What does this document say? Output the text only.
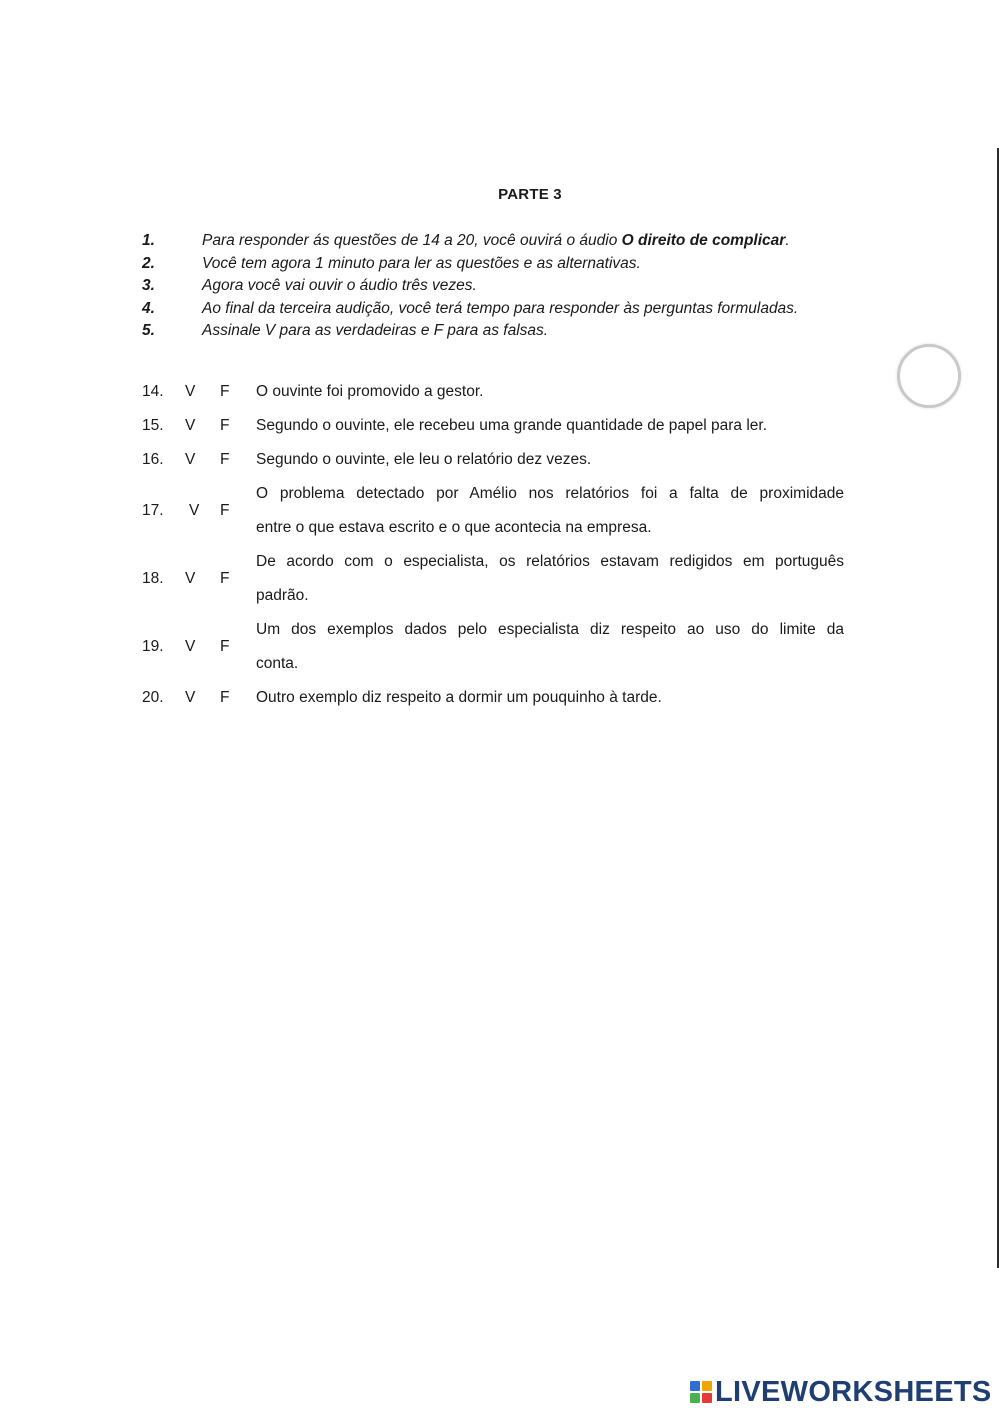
PARTE 3
1.	Para responder ás questões de 14 a 20, você ouvirá o áudio O direito de complicar.
2.	Você tem agora 1 minuto para ler as questões e as alternativas.
3.	Agora você vai ouvir o áudio três vezes.
4.	Ao final da terceira audição, você terá tempo para responder às perguntas formuladas.
5.	Assinale V para as verdadeiras e F para as falsas.
14. V F O ouvinte foi promovido a gestor.
15. V F Segundo o ouvinte, ele recebeu uma grande quantidade de papel para ler.
16. V F Segundo o ouvinte, ele leu o relatório dez vezes.
17. V F
O problema detectado por Amélio nos relatórios foi a falta de proximidade
entre o que estava escrito e o que acontecia na empresa.
18. V F
De acordo com o especialista, os relatórios estavam redigidos em português
padrão.
19. V F
Um dos exemplos dados pelo especialista diz respeito ao uso do limite da
conta.
20. V F Outro exemplo diz respeito a dormir um pouquinho à tarde.
LIVEWORKSHEETS
